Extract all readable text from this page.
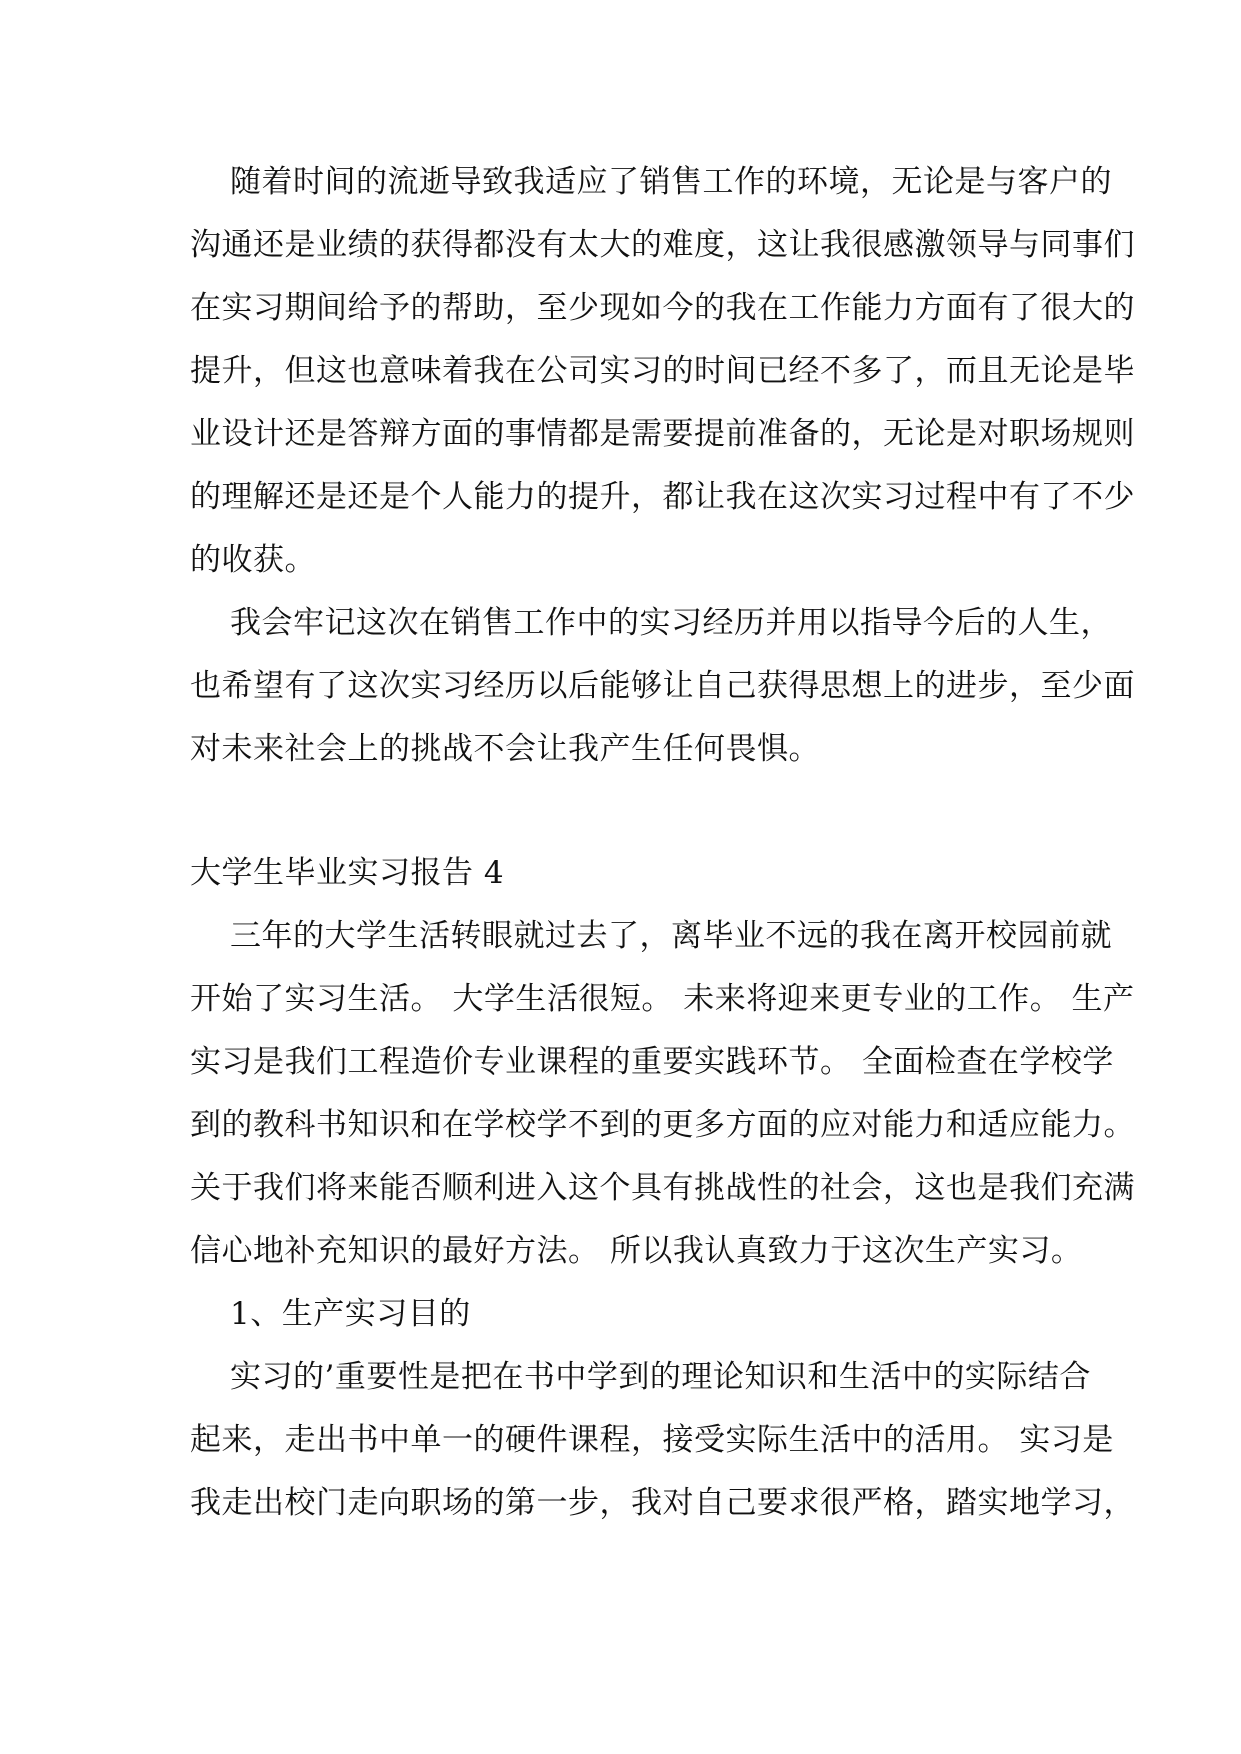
随着时间的流逝导致我适应了销售工作的环境，无论是与客户的
沟通还是业绩的获得都没有太大的难度，这让我很感激领导与同事们
在实习期间给予的帮助，至少现如今的我在工作能力方面有了很大的
提升，但这也意味着我在公司实习的时间已经不多了，而且无论是毕
业设计还是答辩方面的事情都是需要提前准备的，无论是对职场规则
的理解还是还是个人能力的提升，都让我在这次实习过程中有了不少
的收获。
我会牢记这次在销售工作中的实习经历并用以指导今后的人生，
也希望有了这次实习经历以后能够让自己获得思想上的进步，至少面
对未来社会上的挑战不会让我产生任何畏惧。
大学生毕业实习报告 4
三年的大学生活转眼就过去了，离毕业不远的我在离开校园前就
开始了实习生活。 大学生活很短。 未来将迎来更专业的工作。 生产
实习是我们工程造价专业课程的重要实践环节。 全面检查在学校学
到的教科书知识和在学校学不到的更多方面的应对能力和适应能力。
关于我们将来能否顺利进入这个具有挑战性的社会，这也是我们充满
信心地补充知识的最好方法。 所以我认真致力于这次生产实习。
1、生产实习目的
实习的’重要性是把在书中学到的理论知识和生活中的实际结合
起来，走出书中单一的硬件课程，接受实际生活中的活用。 实习是
我走出校门走向职场的第一步，我对自己要求很严格，踏实地学习，
